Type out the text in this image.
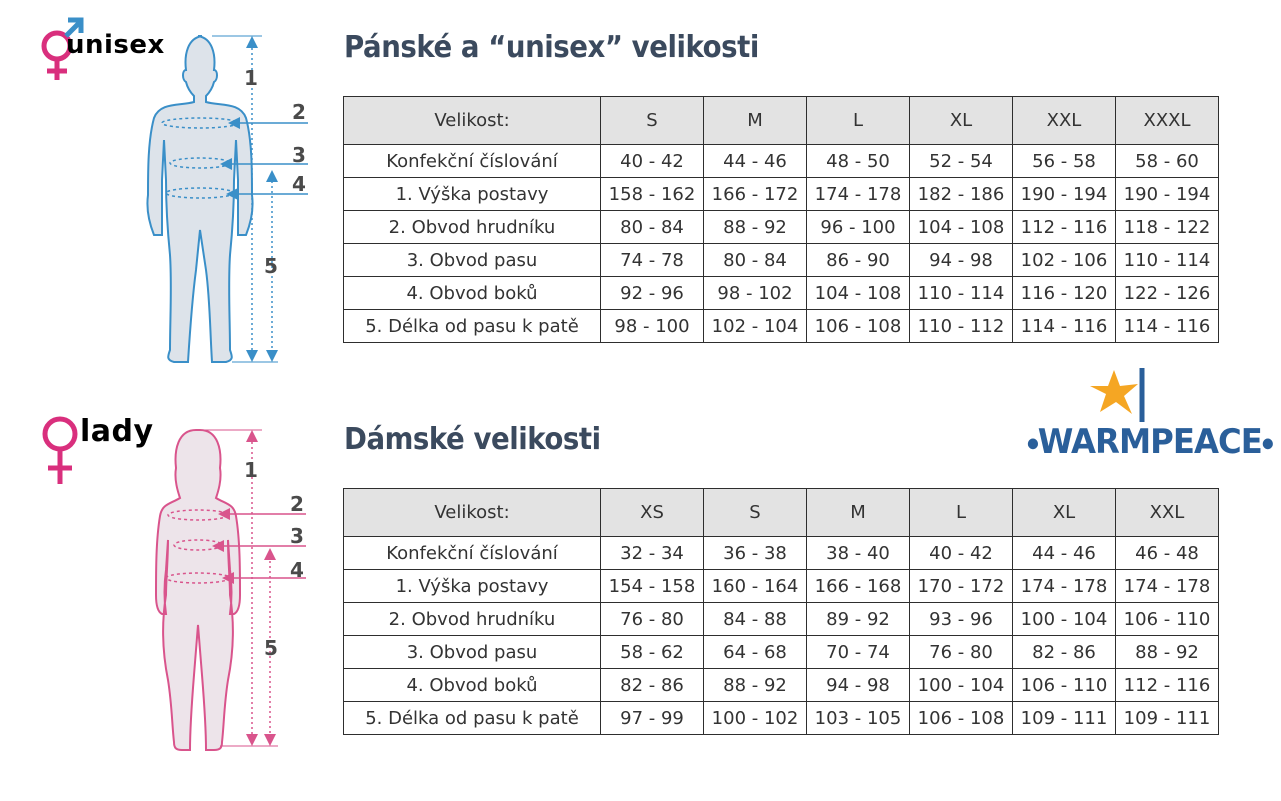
unisex
1
2
3
4
5
Pánské a “unisex” velikosti
Velikost:	S	M	L	XL	XXL	XXXL
Konfekční číslování	40 - 42	44 - 46	48 - 50	52 - 54	56 - 58	58 - 60
1. Výška postavy	158 - 162	166 - 172	174 - 178	182 - 186	190 - 194	190 - 194
2. Obvod hrudníku	80 - 84	88 - 92	96 - 100	104 - 108	112 - 116	118 - 122
3. Obvod pasu	74 - 78	80 - 84	86 - 90	94 - 98	102 - 106	110 - 114
4. Obvod boků	92 - 96	98 - 102	104 - 108	110 - 114	116 - 120	122 - 126
5. Délka od pasu k patě	98 - 100	102 - 104	106 - 108	110 - 112	114 - 116	114 - 116
lady
1
2
3
4
5
Dámské velikosti	●WARMPEACE●
Velikost:	XS	S	M	L	XL	XXL
Konfekční číslování	32 - 34	36 - 38	38 - 40	40 - 42	44 - 46	46 - 48
1. Výška postavy	154 - 158	160 - 164	166 - 168	170 - 172	174 - 178	174 - 178
2. Obvod hrudníku	76 - 80	84 - 88	89 - 92	93 - 96	100 - 104	106 - 110
3. Obvod pasu	58 - 62	64 - 68	70 - 74	76 - 80	82 - 86	88 - 92
4. Obvod boků	82 - 86	88 - 92	94 - 98	100 - 104	106 - 110	112 - 116
5. Délka od pasu k patě	97 - 99	100 - 102	103 - 105	106 - 108	109 - 111	109 - 111
